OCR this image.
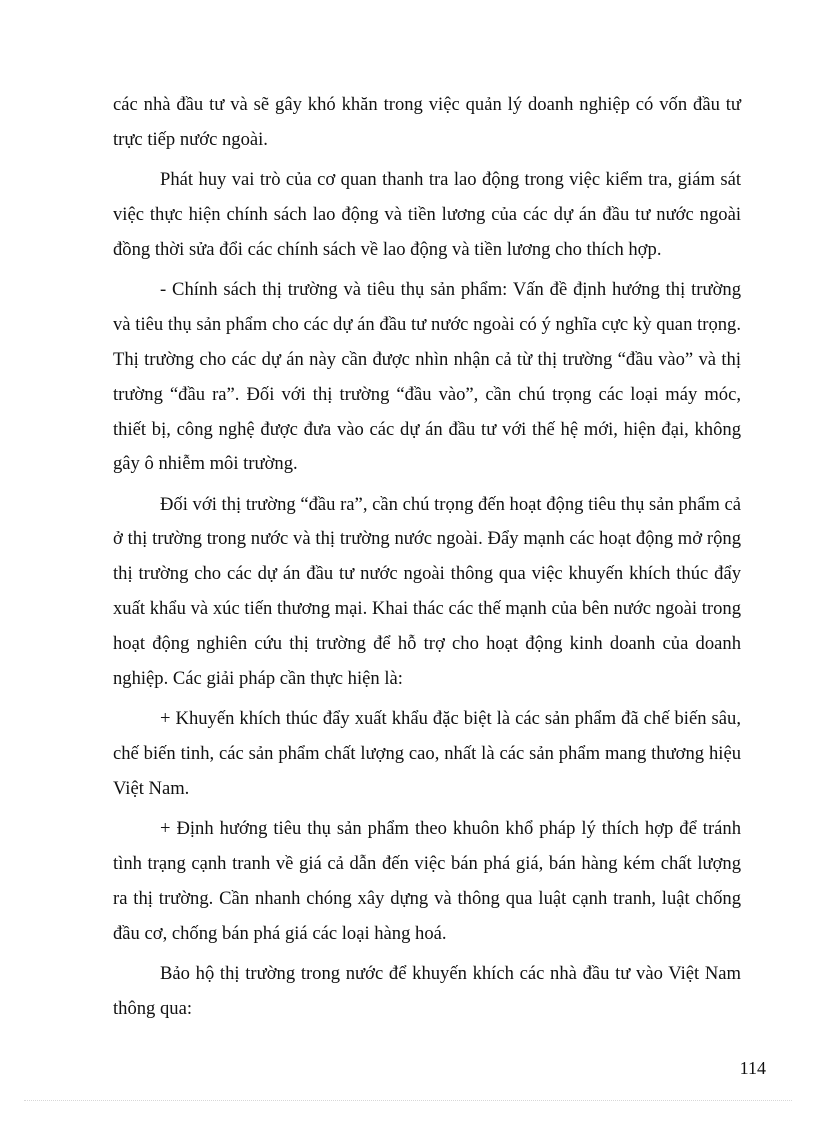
các nhà đầu tư và sẽ gây khó khăn trong việc quản lý doanh nghiệp có vốn đầu tư trực tiếp nước ngoài.

Phát huy vai trò của cơ quan thanh tra lao động trong việc kiểm tra, giám sát việc thực hiện chính sách lao động và tiền lương của các dự án đầu tư nước ngoài đồng thời sửa đổi các chính sách về lao động và tiền lương cho thích hợp.

- Chính sách thị trường và tiêu thụ sản phẩm: Vấn đề định hướng thị trường và tiêu thụ sản phẩm cho các dự án đầu tư nước ngoài có ý nghĩa cực kỳ quan trọng. Thị trường cho các dự án này cần được nhìn nhận cả từ thị trường “đầu vào” và thị trường “đầu ra”. Đối với thị trường “đầu vào”, cần chú trọng các loại máy móc, thiết bị, công nghệ được đưa vào các dự án đầu tư với thế hệ mới, hiện đại, không gây ô nhiễm môi trường.

Đối với thị trường “đầu ra”, cần chú trọng đến hoạt động tiêu thụ sản phẩm cả ở thị trường trong nước và thị trường nước ngoài. Đẩy mạnh các hoạt động mở rộng thị trường cho các dự án đầu tư nước ngoài thông qua việc khuyến khích thúc đẩy xuất khẩu và xúc tiến thương mại. Khai thác các thế mạnh của bên nước ngoài trong hoạt động nghiên cứu thị trường để hỗ trợ cho hoạt động kinh doanh của doanh nghiệp. Các giải pháp cần thực hiện là:

+ Khuyến khích thúc đẩy xuất khẩu đặc biệt là các sản phẩm đã chế biến sâu, chế biến tinh, các sản phẩm chất lượng cao, nhất là các sản phẩm mang thương hiệu Việt Nam.

+ Định hướng tiêu thụ sản phẩm theo khuôn khổ pháp lý thích hợp để tránh tình trạng cạnh tranh về giá cả dẫn đến việc bán phá giá, bán hàng kém chất lượng ra thị trường. Cần nhanh chóng xây dựng và thông qua luật cạnh tranh, luật chống đầu cơ, chống bán phá giá các loại hàng hoá.

Bảo hộ thị trường trong nước để khuyến khích các nhà đầu tư vào Việt Nam thông qua:

114
